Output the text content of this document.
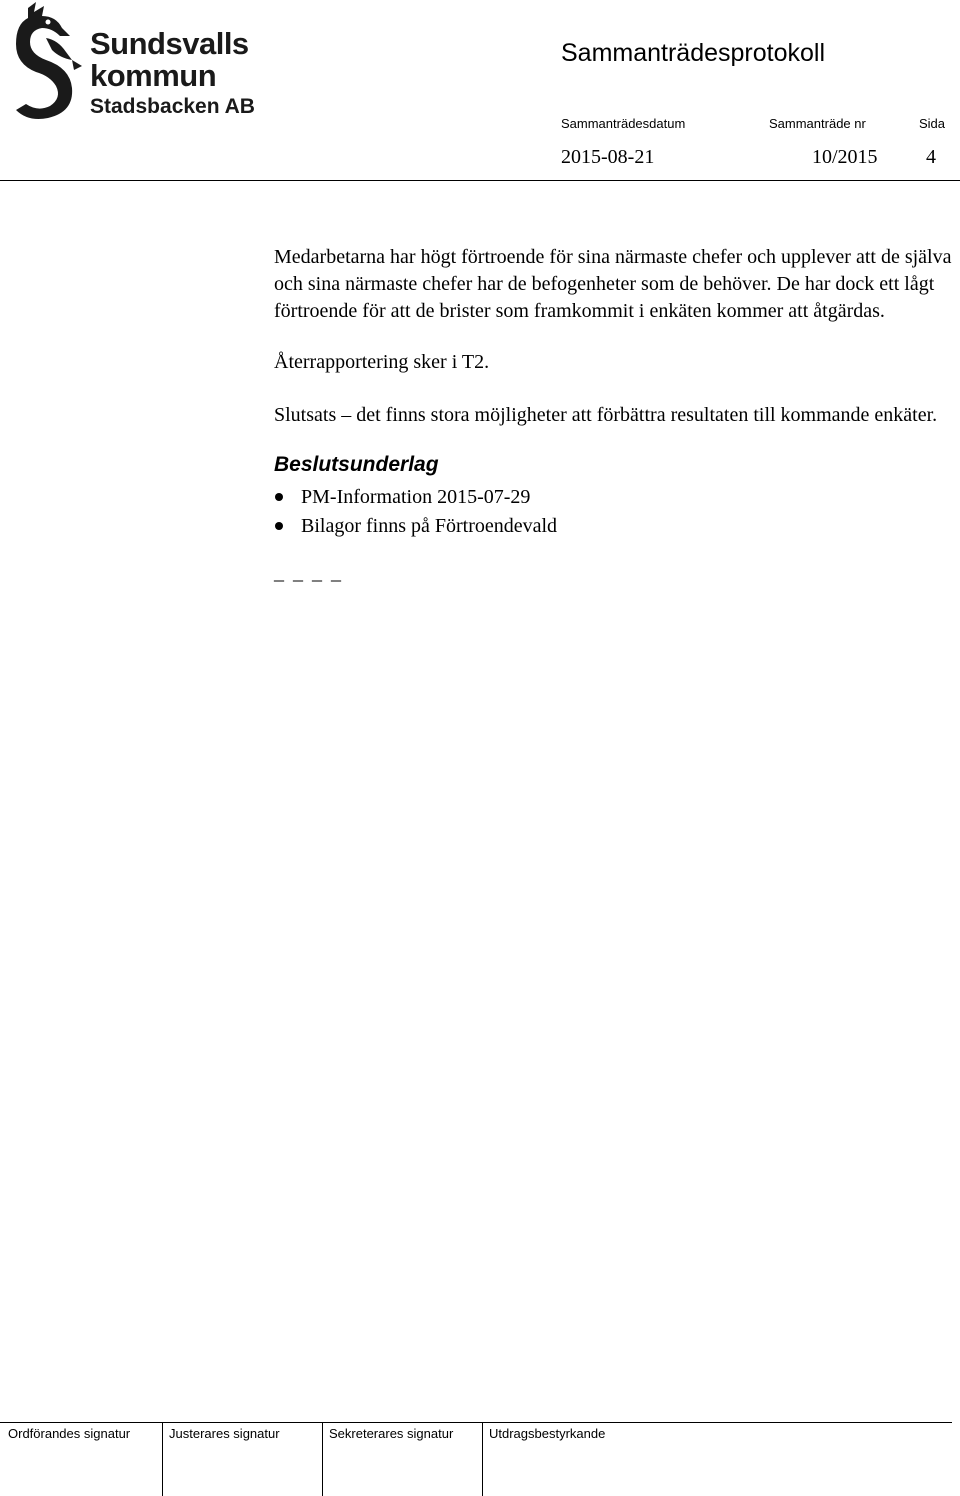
Sundsvalls
kommun
Stadsbacken AB
Sammanträdesprotokoll
Sammanträdesdatum	Sammanträde nr	Sida
2015-08-21	10/2015 4

Medarbetarna har högt förtroende för sina närmaste chefer och upplever att de själva och sina närmaste chefer har de befogenheter som de behöver. De har dock ett lågt förtroende för att de brister som framkommit i enkäten kommer att åtgärdas.

Återrapportering sker i T2.

Slutsats – det finns stora möjligheter att förbättra resultaten till kommande enkäter.

Beslutsunderlag
PM-Information 2015-07-29
Bilagor finns på Förtroendevald
_ _ _ _
Ordförandes signatur	Justerares signatur	Sekreterares signatur	Utdragsbestyrkande
